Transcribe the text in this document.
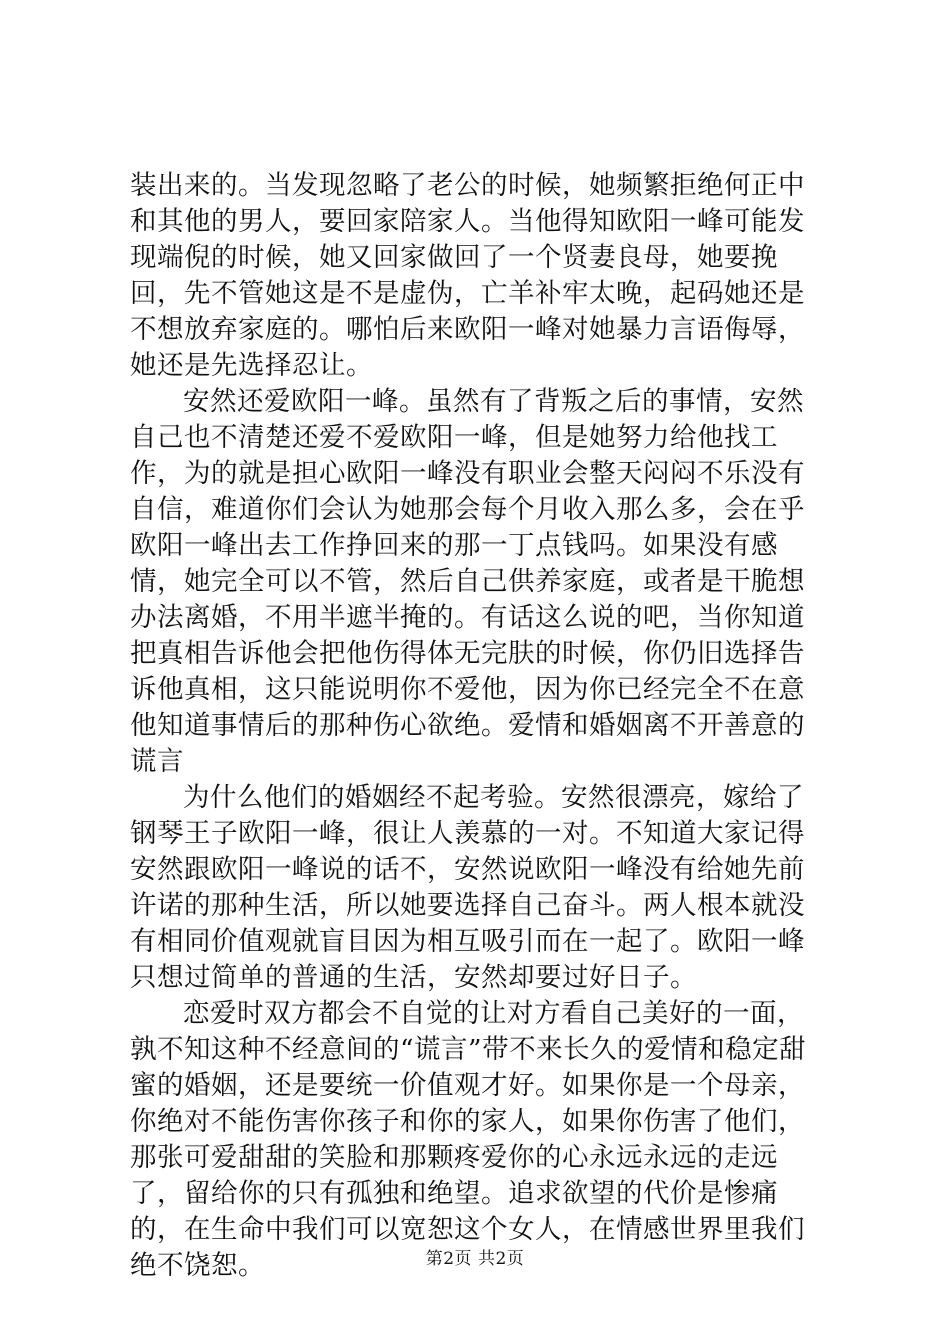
装出来的。当发现忽略了老公的时候，她频繁拒绝何正中和其他的男人，要回家陪家人。当他得知欧阳一峰可能发现端倪的时候，她又回家做回了一个贤妻良母，她要挽回，先不管她这是不是虚伪，亡羊补牢太晚，起码她还是不想放弃家庭的。哪怕后来欧阳一峰对她暴力言语侮辱，她还是先选择忍让。

安然还爱欧阳一峰。虽然有了背叛之后的事情，安然自己也不清楚还爱不爱欧阳一峰，但是她努力给他找工作，为的就是担心欧阳一峰没有职业会整天闷闷不乐没有自信，难道你们会认为她那会每个月收入那么多，会在乎欧阳一峰出去工作挣回来的那一丁点钱吗。如果没有感情，她完全可以不管，然后自己供养家庭，或者是干脆想办法离婚，不用半遮半掩的。有话这么说的吧，当你知道把真相告诉他会把他伤得体无完肤的时候，你仍旧选择告诉他真相，这只能说明你不爱他，因为你已经完全不在意他知道事情后的那种伤心欲绝。爱情和婚姻离不开善意的谎言

为什么他们的婚姻经不起考验。安然很漂亮，嫁给了钢琴王子欧阳一峰，很让人羡慕的一对。不知道大家记得安然跟欧阳一峰说的话不，安然说欧阳一峰没有给她先前许诺的那种生活，所以她要选择自己奋斗。两人根本就没有相同价值观就盲目因为相互吸引而在一起了。欧阳一峰只想过简单的普通的生活，安然却要过好日子。

恋爱时双方都会不自觉的让对方看自己美好的一面，孰不知这种不经意间的“谎言”带不来长久的爱情和稳定甜蜜的婚姻，还是要统一价值观才好。如果你是一个母亲，你绝对不能伤害你孩子和你的家人，如果你伤害了他们，那张可爱甜甜的笑脸和那颗疼爱你的心永远永远的走远了，留给你的只有孤独和绝望。追求欲望的代价是惨痛的，在生命中我们可以宽恕这个女人，在情感世界里我们绝不饶恕。	第2页 共2页
